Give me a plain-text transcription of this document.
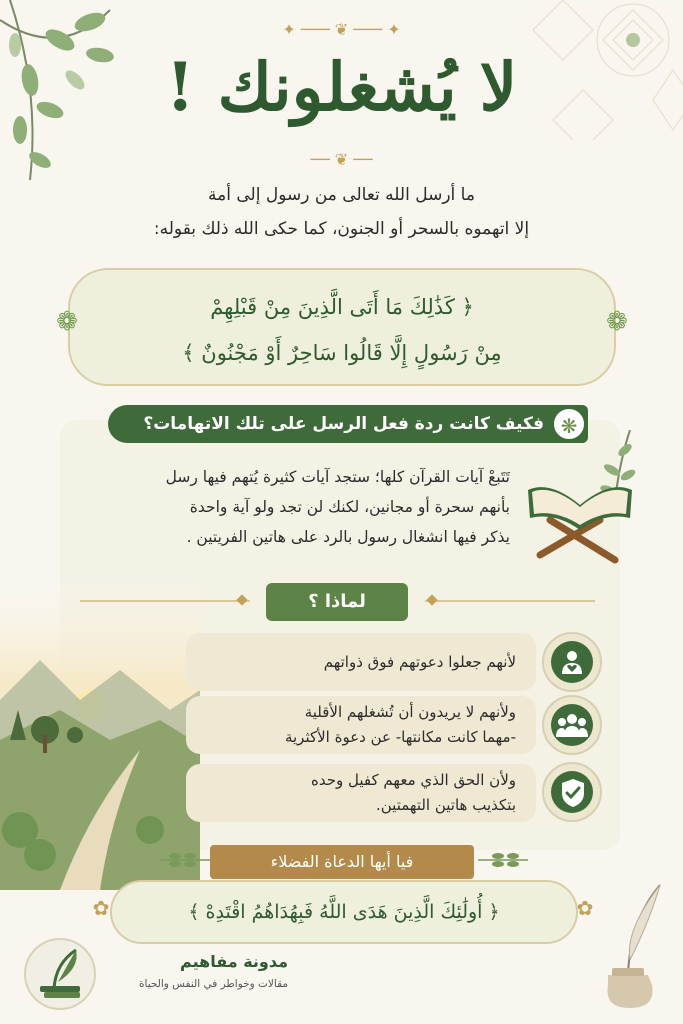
✦ ─── ❦ ─── ✦
لا يُشغلونك !
── ❦ ──
ما أرسل الله تعالى من رسول إلى أمة
إلا اتهموه بالسحر أو الجنون، كما حكى الله ذلك بقوله:
﴿ كَذَٰلِكَ مَا أَتَى الَّذِينَ مِنْ قَبْلِهِمْ
مِنْ رَسُولٍ إِلَّا قَالُوا سَاحِرٌ أَوْ مَجْنُونٌ ﴾
❁	❁
فكيف كانت ردة فعل الرسل على تلك الاتهامات؟ ❋
تَتَبعْ آيات القرآن كلها؛ ستجد آيات كثيرة يُتهم فيها رسل
بأنهم سحرة أو مجانين، لكنك لن تجد ولو آية واحدة
يذكر فيها انشغال رسول بالرد على هاتين الفريتين .
لماذا ؟
لأنهم جعلوا دعوتهم فوق ذواتهم
ولأنهم لا يريدون أن تُشغلهم الأقلية
-مهما كانت مكانتها- عن دعوة الأكثرية
ولأن الحق الذي معهم كفيل وحده
بتكذيب هاتين التهمتين.
فيا أيها الدعاة الفضلاء
﴿ أُولَٰئِكَ الَّذِينَ هَدَى اللَّهُ فَبِهُدَاهُمُ اقْتَدِهْ ﴾
✿	✿
مدونة مفاهيم
مقالات وخواطر في النفس والحياة
